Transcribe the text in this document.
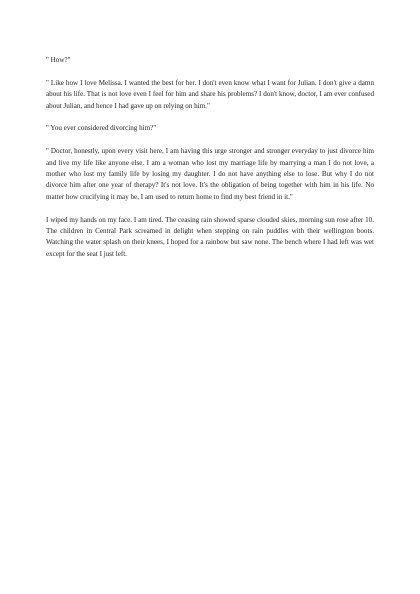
" How?"

" Like how I love Melissa. I wanted the best for her. I don't even know what I want for Julian. I don't give a damn about his life. That is not love even I feel for him and share his problems? I don't know, doctor, I am ever confused about Julian, and hence I had gave up on relying on him."

" You ever considered divorcing him?"

" Doctor, honestly, upon every visit here, I am having this urge stronger and stronger everyday to just divorce him and live my life like anyone else. I am a woman who lost my marriage life by marrying a man I do not love, a mother who lost my family life by losing my daughter. I do not have anything else to lose. But why I do not divorce him after one year of therapy? It's not love. It's the obligation of being together with him in his life. No matter how crucifying it may be, I am used to return home to find my best friend in it."

I wiped my hands on my face. I am tired. The ceasing rain showed sparse clouded skies, morning sun rose after 10. The children in Central Park screamed in delight when stepping on rain puddles with their wellington boots. Watching the water splash on their knees, I hoped for a rainbow but saw none. The bench where I had left was wet except for the seat I just left.
